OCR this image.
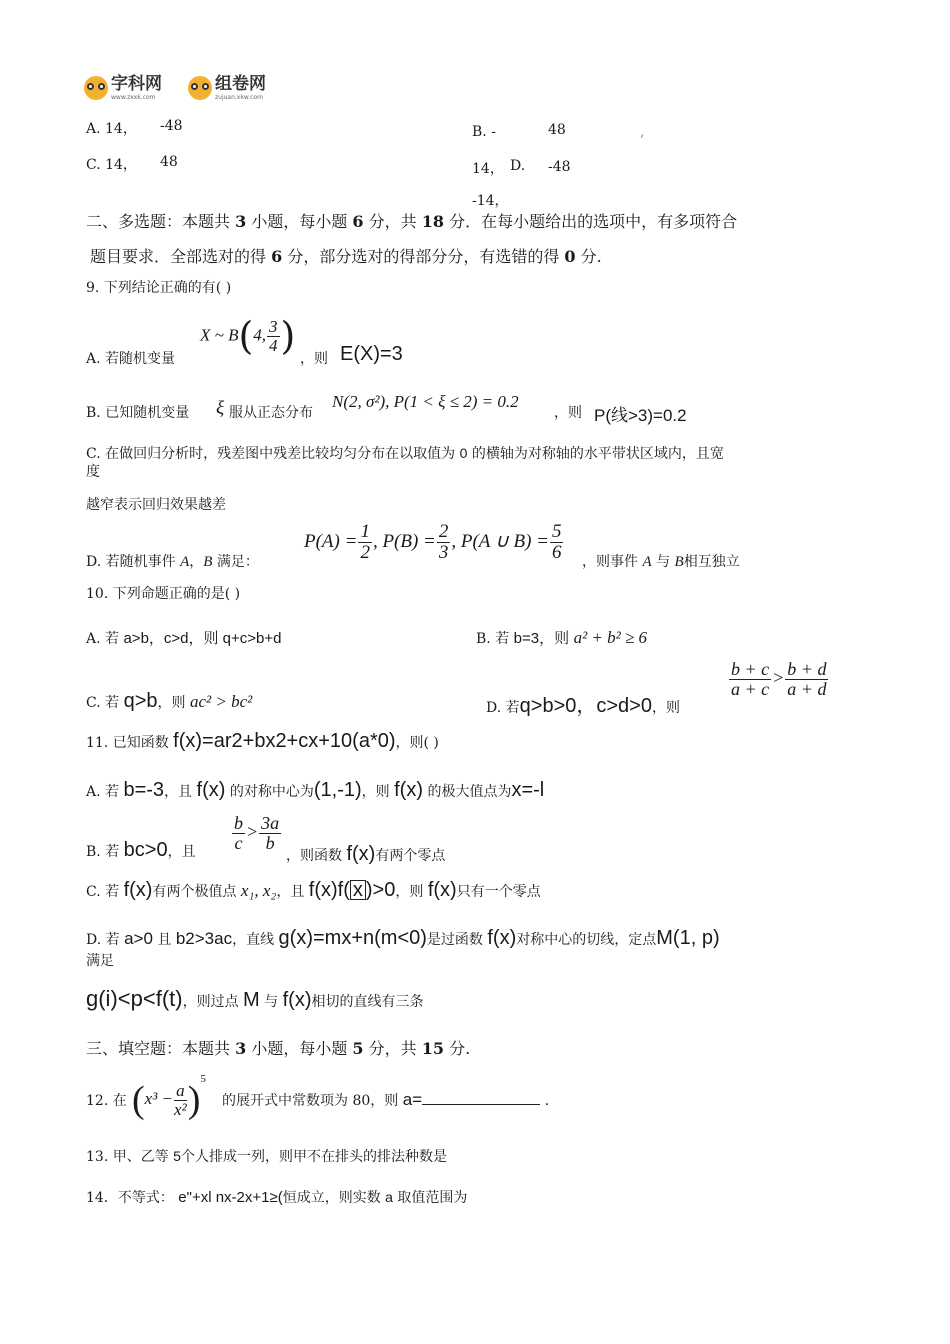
字科网
www.zxxk.com
组卷网
zujuan.xkw.com
A. 14， -48	B. -	48	,
C. 14， 48	14， D. -48
-14，
二、多选题：本题共 3 小题，每小题 6 分，共 18 分．在每小题给出的选项中，有多项符合
题目要求．全部选对的得 6 分，部分选对的得部分分，有选错的得 0 分.
9. 下列结论正确的有( )
X ~ B(4, $\frac{3}{4}$ )
A. 若随机变量	，则 E(X)=3
B. 已知随机变量 ξ 服从正态分布
N(2, σ²), P(1 < ξ ≤ 2) = 0.2
，则 P(线>3)=0.2
C. 在做回归分析时，残差图中残差比较均匀分布在以取值为 0 的横轴为对称轴的水平带状区域内，且宽
度
越窄表示回归效果越差
D. 若随机事件 A，B 满足：
$P(A) = \frac{1}{2}$ , $P(B) = \frac{2}{3}$ , P(A ∪ $B) = \frac{5}{6}$ ，则事件 A 与 B相互独立
10. 下列命题正确的是( )
A. 若 a>b，c>d，则 q+c>b+d	B. 若 b=3，则 a² + b² ≥ 6
C. 若 q>b，则 ac² > bc²	D. 若q>b>0，c>d>0，则
$\frac{b + c}{a + c} > \frac{b + d}{a + d}$
11. 已知函数 f(x)=ar2+bx2+cx+10(a*0)，则( )
A. 若 b=-3，且 f(x) 的对称中心为(1,-1)，则 f(x) 的极大值点为x=-l
B. 若 bc>0，且 $\frac{b}{c} > \frac{3a}{b}$
，则函数 f(x)有两个零点
C. 若 f(x)有两个极值点 x₁, x₂，且 f(x)f( x )>0，则 f(x)只有一个零点
D. 若 a>0 且 b2>3ac，直线 g(x)=mx+n(m<0)是过函数 f(x)对称中心的切线，定点M(1, p)
满足
g(i)<p<f(t)，则过点 M 与 f(x)相切的直线有三条
三、填空题：本题共 3 小题，每小题 5 分，共 15 分.
12. 在 $(x^3 - \frac{a}{\text{x²}} )^5$
的展开式中常数项为 80，则 a=	.
13. 甲、乙等 5个人排成一列，则甲不在排头的排法种数是
14．不等式： e"+xl nx-2x+1≥(恒成立，则实数 a 取值范围为
